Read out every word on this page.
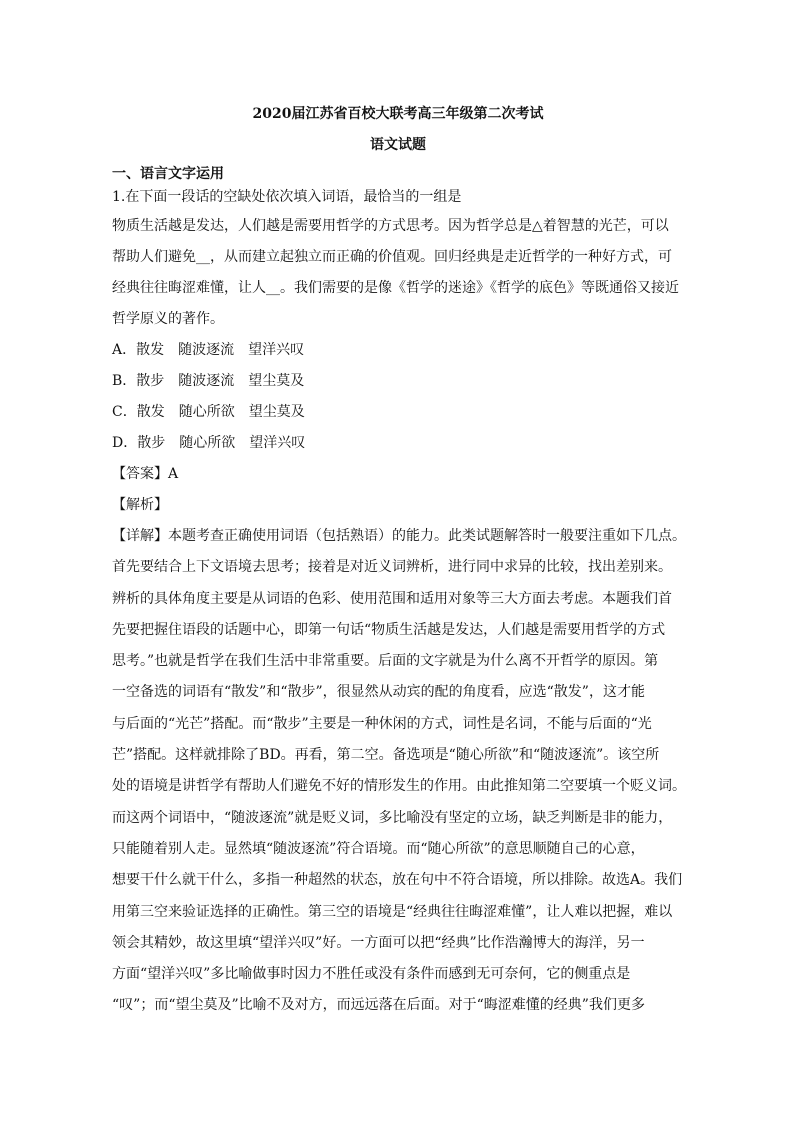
2020届江苏省百校大联考高三年级第二次考试
语文试题
一、语言文字运用
1.在下面一段话的空缺处依次填入词语，最恰当的一组是
物质生活越是发达，人们越是需要用哲学的方式思考。因为哲学总是△着智慧的光芒，可以
帮助人们避免__，从而建立起独立而正确的价值观。回归经典是走近哲学的一种好方式，可
经典往往晦涩难懂，让人__。我们需要的是像《哲学的迷途》《哲学的底色》等既通俗又接近
哲学原义的著作。
A．散发　随波逐流　望洋兴叹
B．散步　随波逐流　望尘莫及
C．散发　随心所欲　望尘莫及
D．散步　随心所欲　望洋兴叹
【答案】A
【解析】
【详解】本题考查正确使用词语（包括熟语）的能力。此类试题解答时一般要注重如下几点。
首先要结合上下文语境去思考；接着是对近义词辨析，进行同中求异的比较，找出差别来。
辨析的具体角度主要是从词语的色彩、使用范围和适用对象等三大方面去考虑。本题我们首
先要把握住语段的话题中心，即第一句话“物质生活越是发达，人们越是需要用哲学的方式
思考。”也就是哲学在我们生活中非常重要。后面的文字就是为什么离不开哲学的原因。第
一空备选的词语有“散发”和“散步”，很显然从动宾的配的角度看，应选“散发”，这才能
与后面的“光芒”搭配。而“散步”主要是一种休闲的方式，词性是名词，不能与后面的“光
芒”搭配。这样就排除了BD。再看，第二空。备选项是“随心所欲”和“随波逐流”。该空所
处的语境是讲哲学有帮助人们避免不好的情形发生的作用。由此推知第二空要填一个贬义词。
而这两个词语中，“随波逐流”就是贬义词，多比喻没有坚定的立场，缺乏判断是非的能力，
只能随着别人走。显然填“随波逐流”符合语境。而“随心所欲”的意思顺随自己的心意，
想要干什么就干什么，多指一种超然的状态，放在句中不符合语境，所以排除。故选A。我们
用第三空来验证选择的正确性。第三空的语境是“经典往往晦涩难懂”，让人难以把握，难以
领会其精妙，故这里填“望洋兴叹”好。一方面可以把“经典”比作浩瀚博大的海洋，另一
方面“望洋兴叹”多比喻做事时因力不胜任或没有条件而感到无可奈何，它的侧重点是
“叹”；而“望尘莫及”比喻不及对方，而远远落在后面。对于“晦涩难懂的经典”我们更多
